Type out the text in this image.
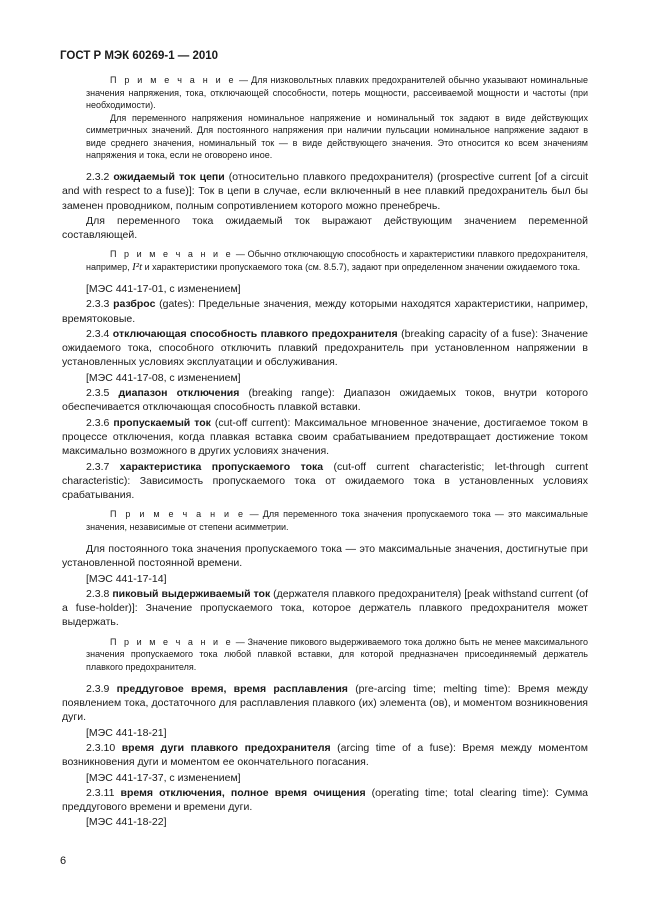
ГОСТ Р МЭК 60269-1 — 2010

П р и м е ч а н и е — Для низковольтных плавких предохранителей обычно указывают номинальные значения напряжения, тока, отключающей способности, потерь мощности, рассеиваемой мощности и частоты (при необходимости).

Для переменного напряжения номинальное напряжение и номинальный ток задают в виде действующих симметричных значений. Для постоянного напряжения при наличии пульсации номинальное напряжение задают в виде среднего значения, номинальный ток — в виде действующего значения. Это относится ко всем значениям напряжения и тока, если не оговорено иное.

2.3.2 ожидаемый ток цепи (относительно плавкого предохранителя) (prospective current [of a circuit and with respect to a fuse)]: Ток в цепи в случае, если включенный в нее плавкий предохранитель был бы заменен проводником, полным сопротивлением которого можно пренебречь.

Для переменного тока ожидаемый ток выражают действующим значением переменной составляющей.

П р и м е ч а н и е — Обычно отключающую способность и характеристики плавкого предохранителя, например, I²t и характеристики пропускаемого тока (см. 8.5.7), задают при определенном значении ожидаемого тока.

[МЭС 441-17-01, с изменением]

2.3.3 разброс (gates): Предельные значения, между которыми находятся характеристики, например, времятоковые.

2.3.4 отключающая способность плавкого предохранителя (breaking capacity of a fuse): Значение ожидаемого тока, способного отключить плавкий предохранитель при установленном напряжении в установленных условиях эксплуатации и обслуживания.

[МЭС 441-17-08, с изменением]

2.3.5 диапазон отключения (breaking range): Диапазон ожидаемых токов, внутри которого обеспечивается отключающая способность плавкой вставки.

2.3.6 пропускаемый ток (cut-off current): Максимальное мгновенное значение, достигаемое током в процессе отключения, когда плавкая вставка своим срабатыванием предотвращает достижение током максимально возможного в других условиях значения.

2.3.7 характеристика пропускаемого тока (cut-off current characteristic; let-through current characteristic): Зависимость пропускаемого тока от ожидаемого тока в установленных условиях срабатывания.

П р и м е ч а н и е — Для переменного тока значения пропускаемого тока — это максимальные значения, независимые от степени асимметрии.

Для постоянного тока значения пропускаемого тока — это максимальные значения, достигнутые при установленной постоянной времени.

[МЭС 441-17-14]

2.3.8 пиковый выдерживаемый ток (держателя плавкого предохранителя) [peak withstand current (of a fuse-holder)]: Значение пропускаемого тока, которое держатель плавкого предохранителя может выдержать.

П р и м е ч а н и е — Значение пикового выдерживаемого тока должно быть не менее максимального значения пропускаемого тока любой плавкой вставки, для которой предназначен присоединяемый держатель плавкого предохранителя.

2.3.9 преддуговое время, время расплавления (pre-arcing time; melting time): Время между появлением тока, достаточного для расплавления плавкого (их) элемента (ов), и моментом возникновения дуги.

[МЭС 441-18-21]

2.3.10 время дуги плавкого предохранителя (arcing time of a fuse): Время между моментом возникновения дуги и моментом ее окончательного погасания.

[МЭС 441-17-37, с изменением]

2.3.11 время отключения, полное время очищения (operating time; total clearing time): Сумма преддугового времени и времени дуги.

[МЭС 441-18-22]

6
